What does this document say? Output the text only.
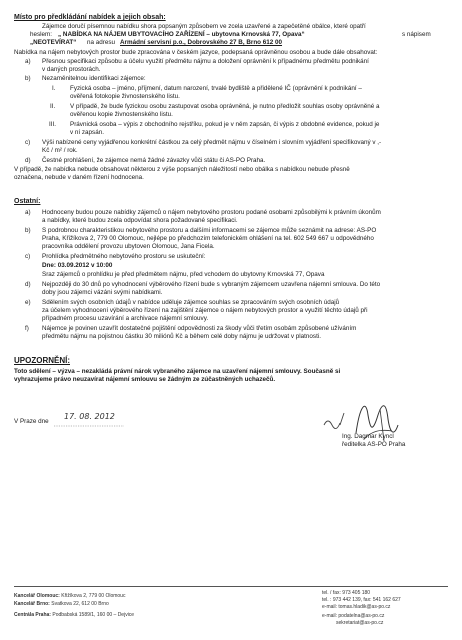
Místo pro předkládání nabídek a jejich obsah:
Zájemce doručí písemnou nabídku shora popsaným způsobem ve zcela uzavřené a zapečetěné obálce, které opatří
heslem: „ NABÍDKA NA NÁJEM UBYTOVACÍHO ZAŘÍZENÍ – ubytovna Krnovská 77, Opava“	s nápisem
„NEOTEVÍRAT“ na adresu Armádní servisní p.o., Dobrovského 27 B, Brno 612 00
Nabídka na nájem nebytových prostor bude zpracována v českém jazyce, podepsaná oprávněnou osobou a bude dále obsahovat:
a) Přesnou specifikaci způsobu a účelu využití předmětu nájmu a doložení oprávnění k případnému předmětu podnikání
v daných prostorách.
b) Nezaměnitelnou identifikaci zájemce:
I. Fyzická osoba – jméno, příjmení, datum narození, trvalé bydliště a přidělené IČ (oprávnění k podnikání –
ověřená fotokopie živnostenského listu.
II. V případě, že bude fyzickou osobu zastupovat osoba oprávněná, je nutno předložit souhlas osoby oprávněné a
ověřenou kopie živnostenského listu.
III. Právnická osoba – výpis z obchodního rejstříku, pokud je v něm zapsán, či výpis z obdobné evidence, pokud je
v ní zapsán.
c) Výši nabízené ceny vyjádřenou konkrétní částkou za celý předmět nájmu v číselném i slovním vyjádření specifikovaný v ,-
Kč / m² / rok.
d) Čestné prohlášení, že zájemce nemá žádné závazky vůči státu či AS-PO Praha.
V případě, že nabídka nebude obsahovat některou z výše popsaných náležitostí nebo obálka s nabídkou nebude přesně
označena, nebude v daném řízení hodnocena.
Ostatní:
a) Hodnoceny budou pouze nabídky zájemců o nájem nebytového prostoru podané osobami způsobilými k právním úkonům
a nabídky, které budou zcela odpovídat shora požadované specifikaci.
b) S podrobnou charakteristikou nebytového prostoru a dalšími informacemi se zájemce může seznámit na adrese: AS-PO
Praha, Křižíkova 2, 779 00 Olomouc, nejlépe po předchozím telefonickém ohlášení na tel. 602 549 667 u odpovědného
pracovníka oddělení provozu ubytoven Olomouc, Jana Ficela.
c) Prohlídka předmětného nebytového prostoru se uskuteční:
Dne: 03.09.2012 v 10:00
Sraz zájemců o prohlídku je před předmětem nájmu, před vchodem do ubytovny Krnovská 77, Opava
d) Nejpozději do 30 dnů po vyhodnocení výběrového řízení bude s vybraným zájemcem uzavřena nájemní smlouva. Do této
doby jsou zájemci vázáni svými nabídkami.
e) Sdělením svých osobních údajů v nabídce uděluje zájemce souhlas se zpracováním svých osobních údajů
za účelem vyhodnocení výběrového řízení na zajištění zájemce o nájem nebytových prostor a využití těchto údajů při
případném procesu uzavírání a archivace nájemní smlouvy.
f) Nájemce je povinen uzavřít dostatečné pojištění odpovědnosti za škody vůči třetím osobám způsobené užíváním
předmětu nájmu na pojistnou částku 30 miliónů Kč a během celé doby nájmu je udržovat v platnosti.
UPOZORNĚNÍ:
Toto sdělení – výzva – nezakládá právní nárok vybraného zájemce na uzavření nájemní smlouvy. Současně si
vyhrazujeme právo neuzavírat nájemní smlouvu se žádným ze zúčastněných uchazečů.
V Praze dne
17. 08. 2012
Ing. Dagmar Kyncl
ředitelka AS-PO Praha
Kancelář Olomouc: Křižíkova 2, 779 00 Olomouc
Kancelář Brno: Svatkova 22, 612 00 Brno
Centrála Praha: Podbabská 1589/1, 160 00 – Dejvice
tel. / fax: 973 405 180
tel. : 973 442 139, fax: 541 162 627
e-mail: tomas.hladik@as-po.cz
e-mail: podatelna@as-po.cz
sekretariat@as-po.cz
